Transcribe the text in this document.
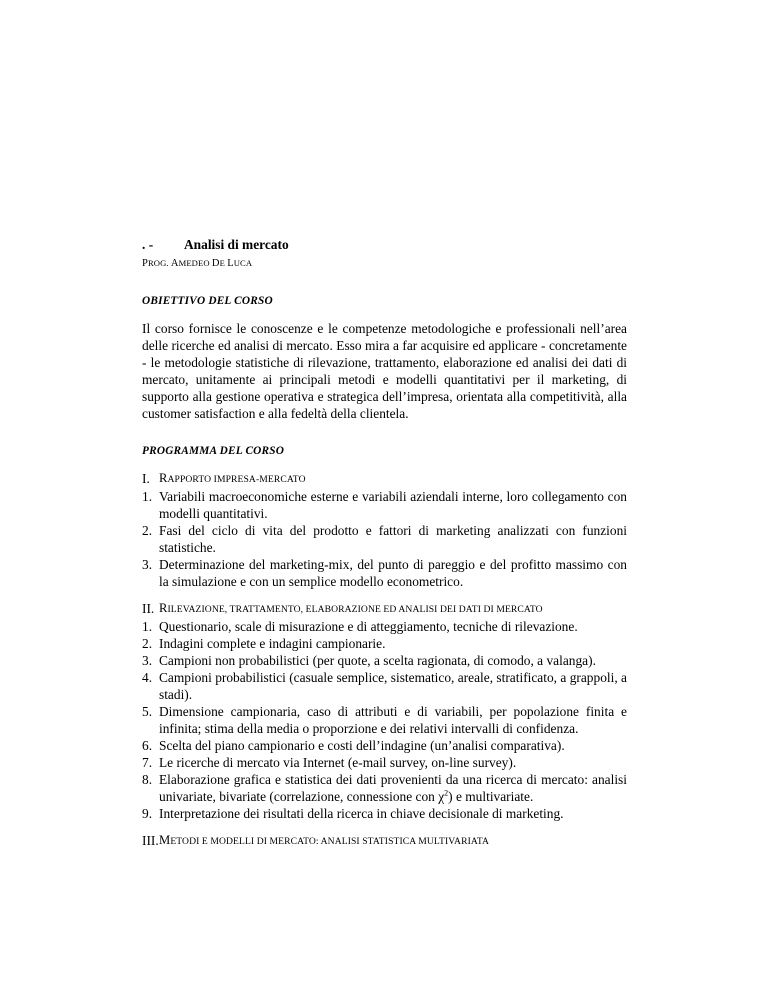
. -	Analisi di mercato
PROG. AMEDEO DE LUCA
OBIETTIVO DEL CORSO
Il corso fornisce le conoscenze e le competenze metodologiche e professionali nell’area delle ricerche ed analisi di mercato. Esso mira a far acquisire ed applicare - concretamente - le metodologie statistiche di rilevazione, trattamento, elaborazione ed analisi dei dati di mercato, unitamente ai principali metodi e modelli quantitativi per il marketing, di supporto alla gestione operativa e strategica dell’impresa, orientata alla competitività, alla customer satisfaction e alla fedeltà della clientela.
PROGRAMMA DEL CORSO
I. RAPPORTO IMPRESA-MERCATO
1. Variabili macroeconomiche esterne e variabili aziendali interne, loro collegamento con modelli quantitativi.
2. Fasi del ciclo di vita del prodotto e fattori di marketing analizzati con funzioni statistiche.
3. Determinazione del marketing-mix, del punto di pareggio e del profitto massimo con la simulazione e con un semplice modello econometrico.
II. RILEVAZIONE, TRATTAMENTO, ELABORAZIONE ED ANALISI DEI DATI DI MERCATO
1. Questionario, scale di misurazione e di atteggiamento, tecniche di rilevazione.
2. Indagini complete e indagini campionarie.
3. Campioni non probabilistici (per quote, a scelta ragionata, di comodo, a valanga).
4. Campioni probabilistici (casuale semplice, sistematico, areale, stratificato, a grappoli, a stadi).
5. Dimensione campionaria, caso di attributi e di variabili, per popolazione finita e infinita; stima della media o proporzione e dei relativi intervalli di confidenza.
6. Scelta del piano campionario e costi dell’indagine (un’analisi comparativa).
7. Le ricerche di mercato via Internet (e-mail survey, on-line survey).
8. Elaborazione grafica e statistica dei dati provenienti da una ricerca di mercato: analisi univariate, bivariate (correlazione, connessione con $\chi^2$) e multivariate.
9. Interpretazione dei risultati della ricerca in chiave decisionale di marketing.
III. METODI E MODELLI DI MERCATO: ANALISI STATISTICA MULTIVARIATA
